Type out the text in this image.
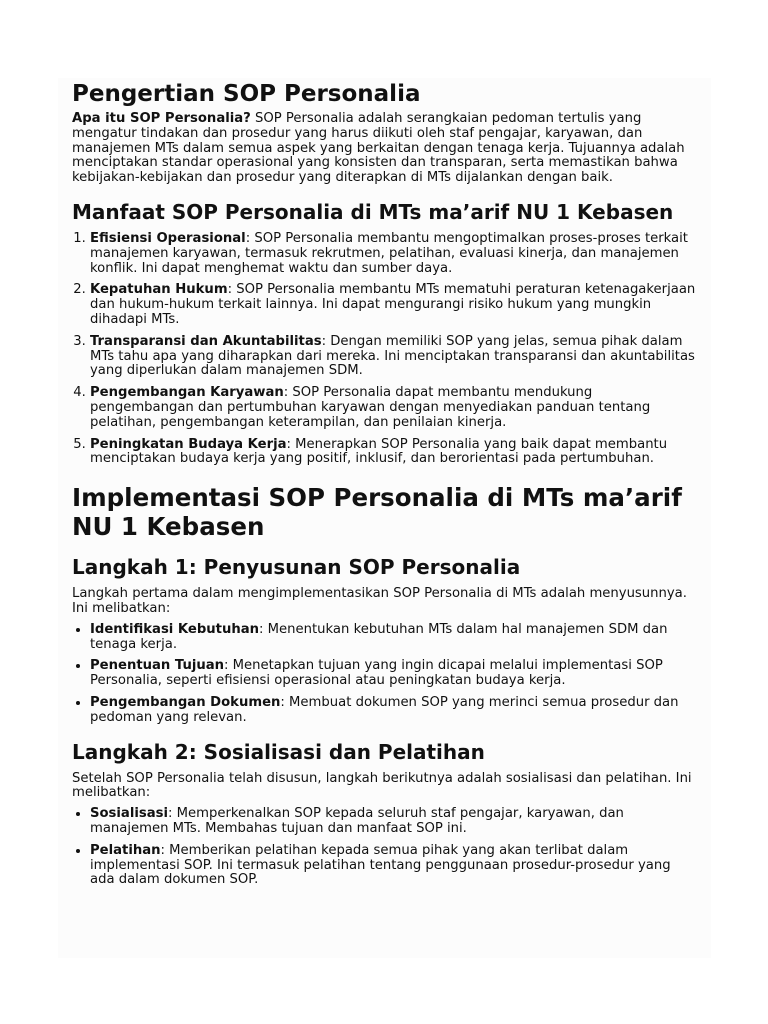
Pengertian SOP Personalia

Apa itu SOP Personalia? SOP Personalia adalah serangkaian pedoman tertulis yang mengatur tindakan dan prosedur yang harus diikuti oleh staf pengajar, karyawan, dan manajemen MTs dalam semua aspek yang berkaitan dengan tenaga kerja. Tujuannya adalah menciptakan standar operasional yang konsisten dan transparan, serta memastikan bahwa kebijakan-kebijakan dan prosedur yang diterapkan di MTs dijalankan dengan baik.

Manfaat SOP Personalia di MTs ma’arif NU 1 Kebasen
1. Efisiensi Operasional: SOP Personalia membantu mengoptimalkan proses-proses terkait manajemen karyawan, termasuk rekrutmen, pelatihan, evaluasi kinerja, dan manajemen konflik. Ini dapat menghemat waktu dan sumber daya.
2. Kepatuhan Hukum: SOP Personalia membantu MTs mematuhi peraturan ketenagakerjaan dan hukum-hukum terkait lainnya. Ini dapat mengurangi risiko hukum yang mungkin dihadapi MTs.
3. Transparansi dan Akuntabilitas: Dengan memiliki SOP yang jelas, semua pihak dalam MTs tahu apa yang diharapkan dari mereka. Ini menciptakan transparansi dan akuntabilitas yang diperlukan dalam manajemen SDM.
4. Pengembangan Karyawan: SOP Personalia dapat membantu mendukung pengembangan dan pertumbuhan karyawan dengan menyediakan panduan tentang pelatihan, pengembangan keterampilan, dan penilaian kinerja.
5. Peningkatan Budaya Kerja: Menerapkan SOP Personalia yang baik dapat membantu menciptakan budaya kerja yang positif, inklusif, dan berorientasi pada pertumbuhan.
Implementasi SOP Personalia di MTs ma’arif NU 1 Kebasen
Langkah 1: Penyusunan SOP Personalia

Langkah pertama dalam mengimplementasikan SOP Personalia di MTs adalah menyusunnya. Ini melibatkan:

• Identifikasi Kebutuhan: Menentukan kebutuhan MTs dalam hal manajemen SDM dan tenaga kerja.
• Penentuan Tujuan: Menetapkan tujuan yang ingin dicapai melalui implementasi SOP Personalia, seperti efisiensi operasional atau peningkatan budaya kerja.
• Pengembangan Dokumen: Membuat dokumen SOP yang merinci semua prosedur dan pedoman yang relevan.
Langkah 2: Sosialisasi dan Pelatihan

Setelah SOP Personalia telah disusun, langkah berikutnya adalah sosialisasi dan pelatihan. Ini melibatkan:

• Sosialisasi: Memperkenalkan SOP kepada seluruh staf pengajar, karyawan, dan manajemen MTs. Membahas tujuan dan manfaat SOP ini.
• Pelatihan: Memberikan pelatihan kepada semua pihak yang akan terlibat dalam implementasi SOP. Ini termasuk pelatihan tentang penggunaan prosedur-prosedur yang ada dalam dokumen SOP.
